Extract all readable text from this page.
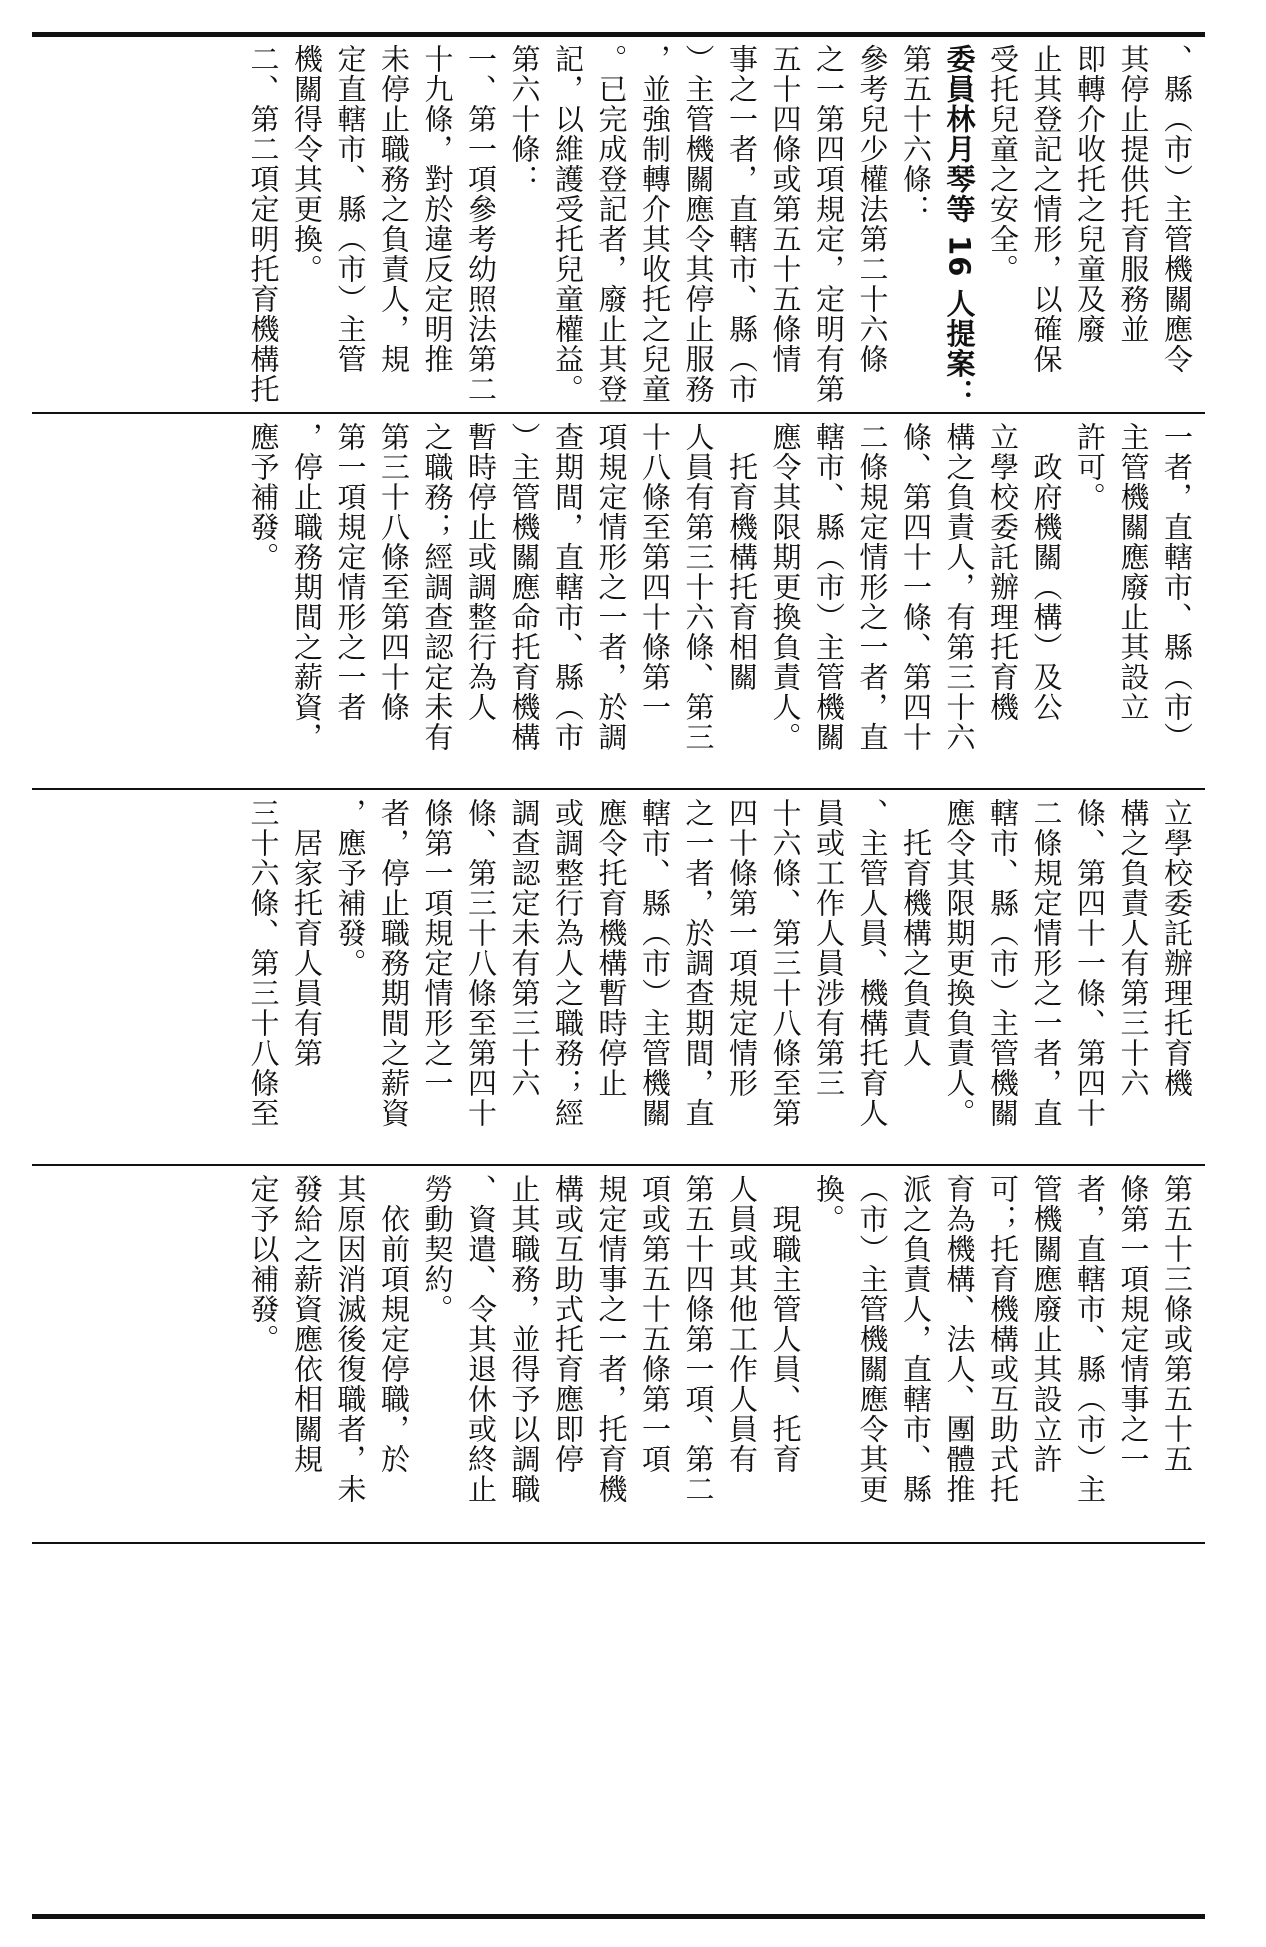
、縣（市）主管機關應令
其停止提供托育服務並
即轉介收托之兒童及廢
止其登記之情形，以確保
受托兒童之安全。
委員林月琴等 16 人提案：
第五十六條：
參考兒少權法第二十六條
之一第四項規定，定明有第
五十四條或第五十五條情
事之一者，直轄市、縣（市
）主管機關應令其停止服務
，並強制轉介其收托之兒童
。已完成登記者，廢止其登
記，以維護受托兒童權益。
第六十條：
一、第一項參考幼照法第二
十九條，對於違反定明推
未停止職務之負責人，規
定直轄市、縣（市）主管
機關得令其更換。
二、第二項定明托育機構托
一者，直轄市、縣（市）
主管機關應廢止其設立
許可。
　政府機關（構）及公
立學校委託辦理托育機
構之負責人，有第三十六
條、第四十一條、第四十
二條規定情形之一者，直
轄市、縣（市）主管機關
應令其限期更換負責人。
　托育機構托育相關
人員有第三十六條、第三
十八條至第四十條第一
項規定情形之一者，於調
查期間，直轄市、縣（市
）主管機關應命托育機構
暫時停止或調整行為人
之職務；經調查認定未有
第三十八條至第四十條
第一項規定情形之一者
，停止職務期間之薪資，
應予補發。
立學校委託辦理托育機
構之負責人有第三十六
條、第四十一條、第四十
二條規定情形之一者，直
轄市、縣（市）主管機關
應令其限期更換負責人。
　托育機構之負責人
、主管人員、機構托育人
員或工作人員涉有第三
十六條、第三十八條至第
四十條第一項規定情形
之一者，於調查期間，直
轄市、縣（市）主管機關
應令托育機構暫時停止
或調整行為人之職務；經
調查認定未有第三十六
條、第三十八條至第四十
條第一項規定情形之一
者，停止職務期間之薪資
，應予補發。
　居家托育人員有第
三十六條、第三十八條至
第五十三條或第五十五
條第一項規定情事之一
者，直轄市、縣（市）主
管機關應廢止其設立許
可；托育機構或互助式托
育為機構、法人、團體推
派之負責人，直轄市、縣
（市）主管機關應令其更
換。
　現職主管人員、托育
人員或其他工作人員有
第五十四條第一項、第二
項或第五十五條第一項
規定情事之一者，托育機
構或互助式托育應即停
止其職務，並得予以調職
、資遣、令其退休或終止
勞動契約。
　依前項規定停職，於
其原因消滅後復職者，未
發給之薪資應依相關規
定予以補發。
